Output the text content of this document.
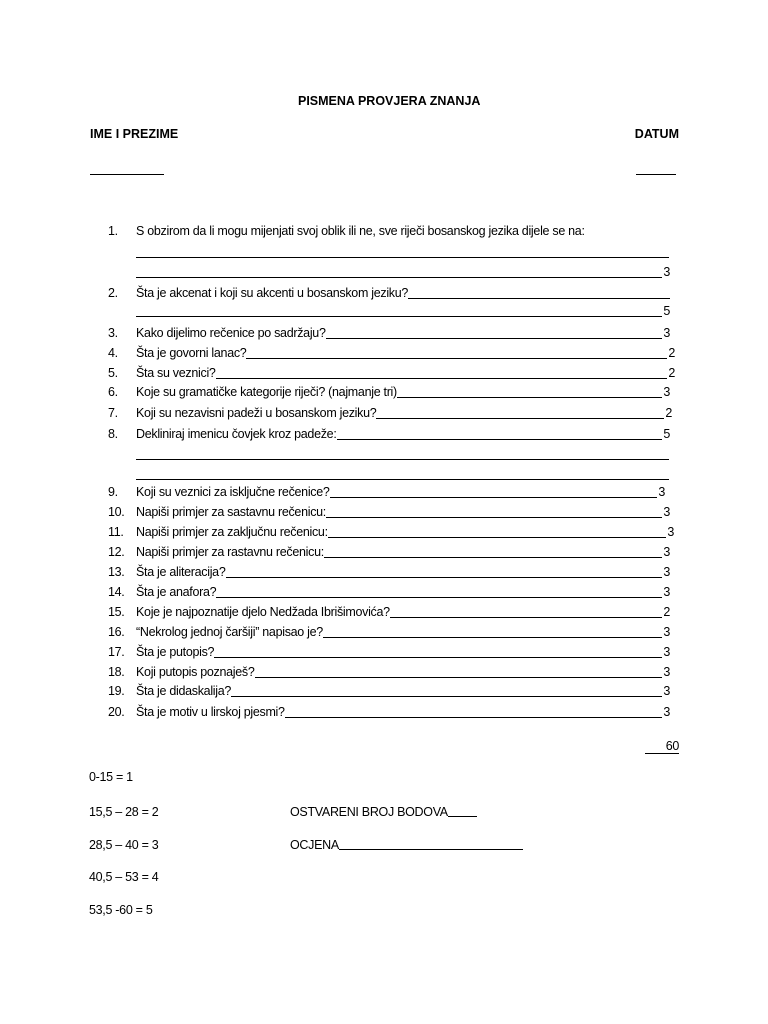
PISMENA PROVJERA ZNANJA
IME I PREZIME	DATUM
1.	S obzirom da li mogu mijenjati svoj oblik ili ne, sve riječi bosanskog jezika dijele se na:
3
2.	Šta je akcenat i koji su akcenti u bosanskom jeziku?
5
3.	Kako dijelimo rečenice po sadržaju?	3
4.	Šta je govorni lanac?	2
5.	Šta su veznici?	2
6.	Koje su gramatičke kategorije riječi? (najmanje tri)	3
7.	Koji su nezavisni padeži u bosanskom jeziku?	2
8.	Dekliniraj imenicu čovjek kroz padeže:	5
9.	Koji su veznici za isključne rečenice?	3
10. Napiši primjer za sastavnu rečenicu:	3
11. Napiši primjer za zaključnu rečenicu:	3
12. Napiši primjer za rastavnu rečenicu:	3
13. Šta je aliteracija?	3
14. Šta je anafora?	3
15. Koje je najpoznatije djelo Nedžada Ibrišimovića?	2
16. “Nekrolog jednoj čaršiji” napisao je?	3
17. Šta je putopis?	3
18. Koji putopis poznaješ?	3
19. Šta je didaskalija?	3
20. Šta je motiv u lirskoj pjesmi?	3
60
0-15 = 1
15,5 – 28 = 2
28,5 – 40 = 3
40,5 – 53 = 4
53,5 -60 = 5
OSTVARENI BROJ BODOVA
OCJENA
